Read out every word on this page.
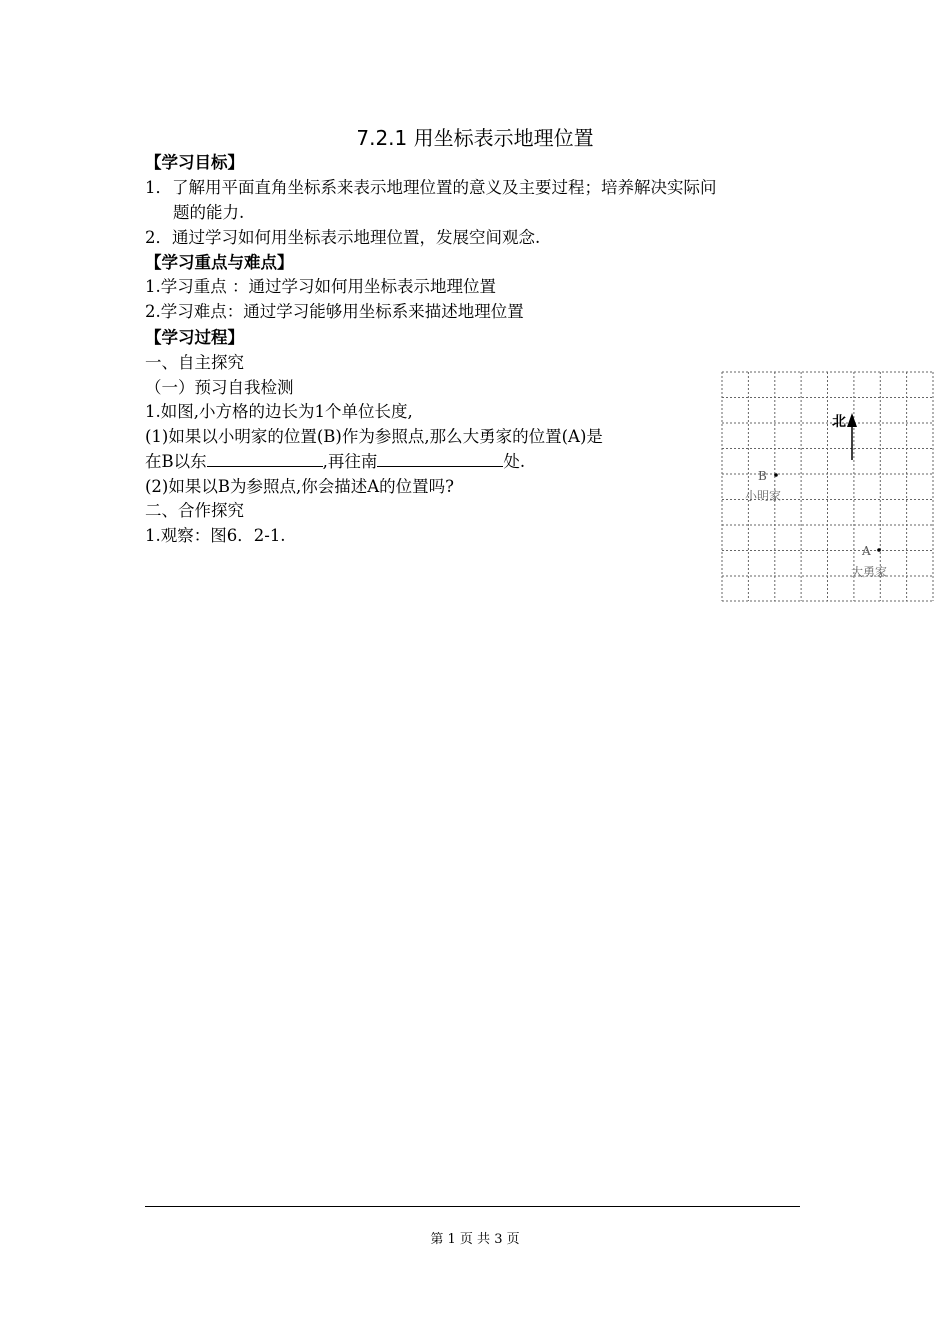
7.2.1 用坐标表示地理位置
【学习目标】
1．了解用平面直角坐标系来表示地理位置的意义及主要过程；培养解决实际问
题的能力.
2．通过学习如何用坐标表示地理位置，发展空间观念.
【学习重点与难点】
1.学习重点 ：通过学习如何用坐标表示地理位置
2.学习难点：通过学习能够用坐标系来描述地理位置
【学习过程】
一、自主探究
（一）预习自我检测
1.如图,小方格的边长为1个单位长度,
(1)如果以小明家的位置(B)作为参照点,那么大勇家的位置(A)是
在B以东	,再往南	处.
(2)如果以B为参照点,你会描述A的位置吗?
二、合作探究
1.观察：图6．2-1.
北
B
小明家
A
大勇家
第 1 页 共 3 页
